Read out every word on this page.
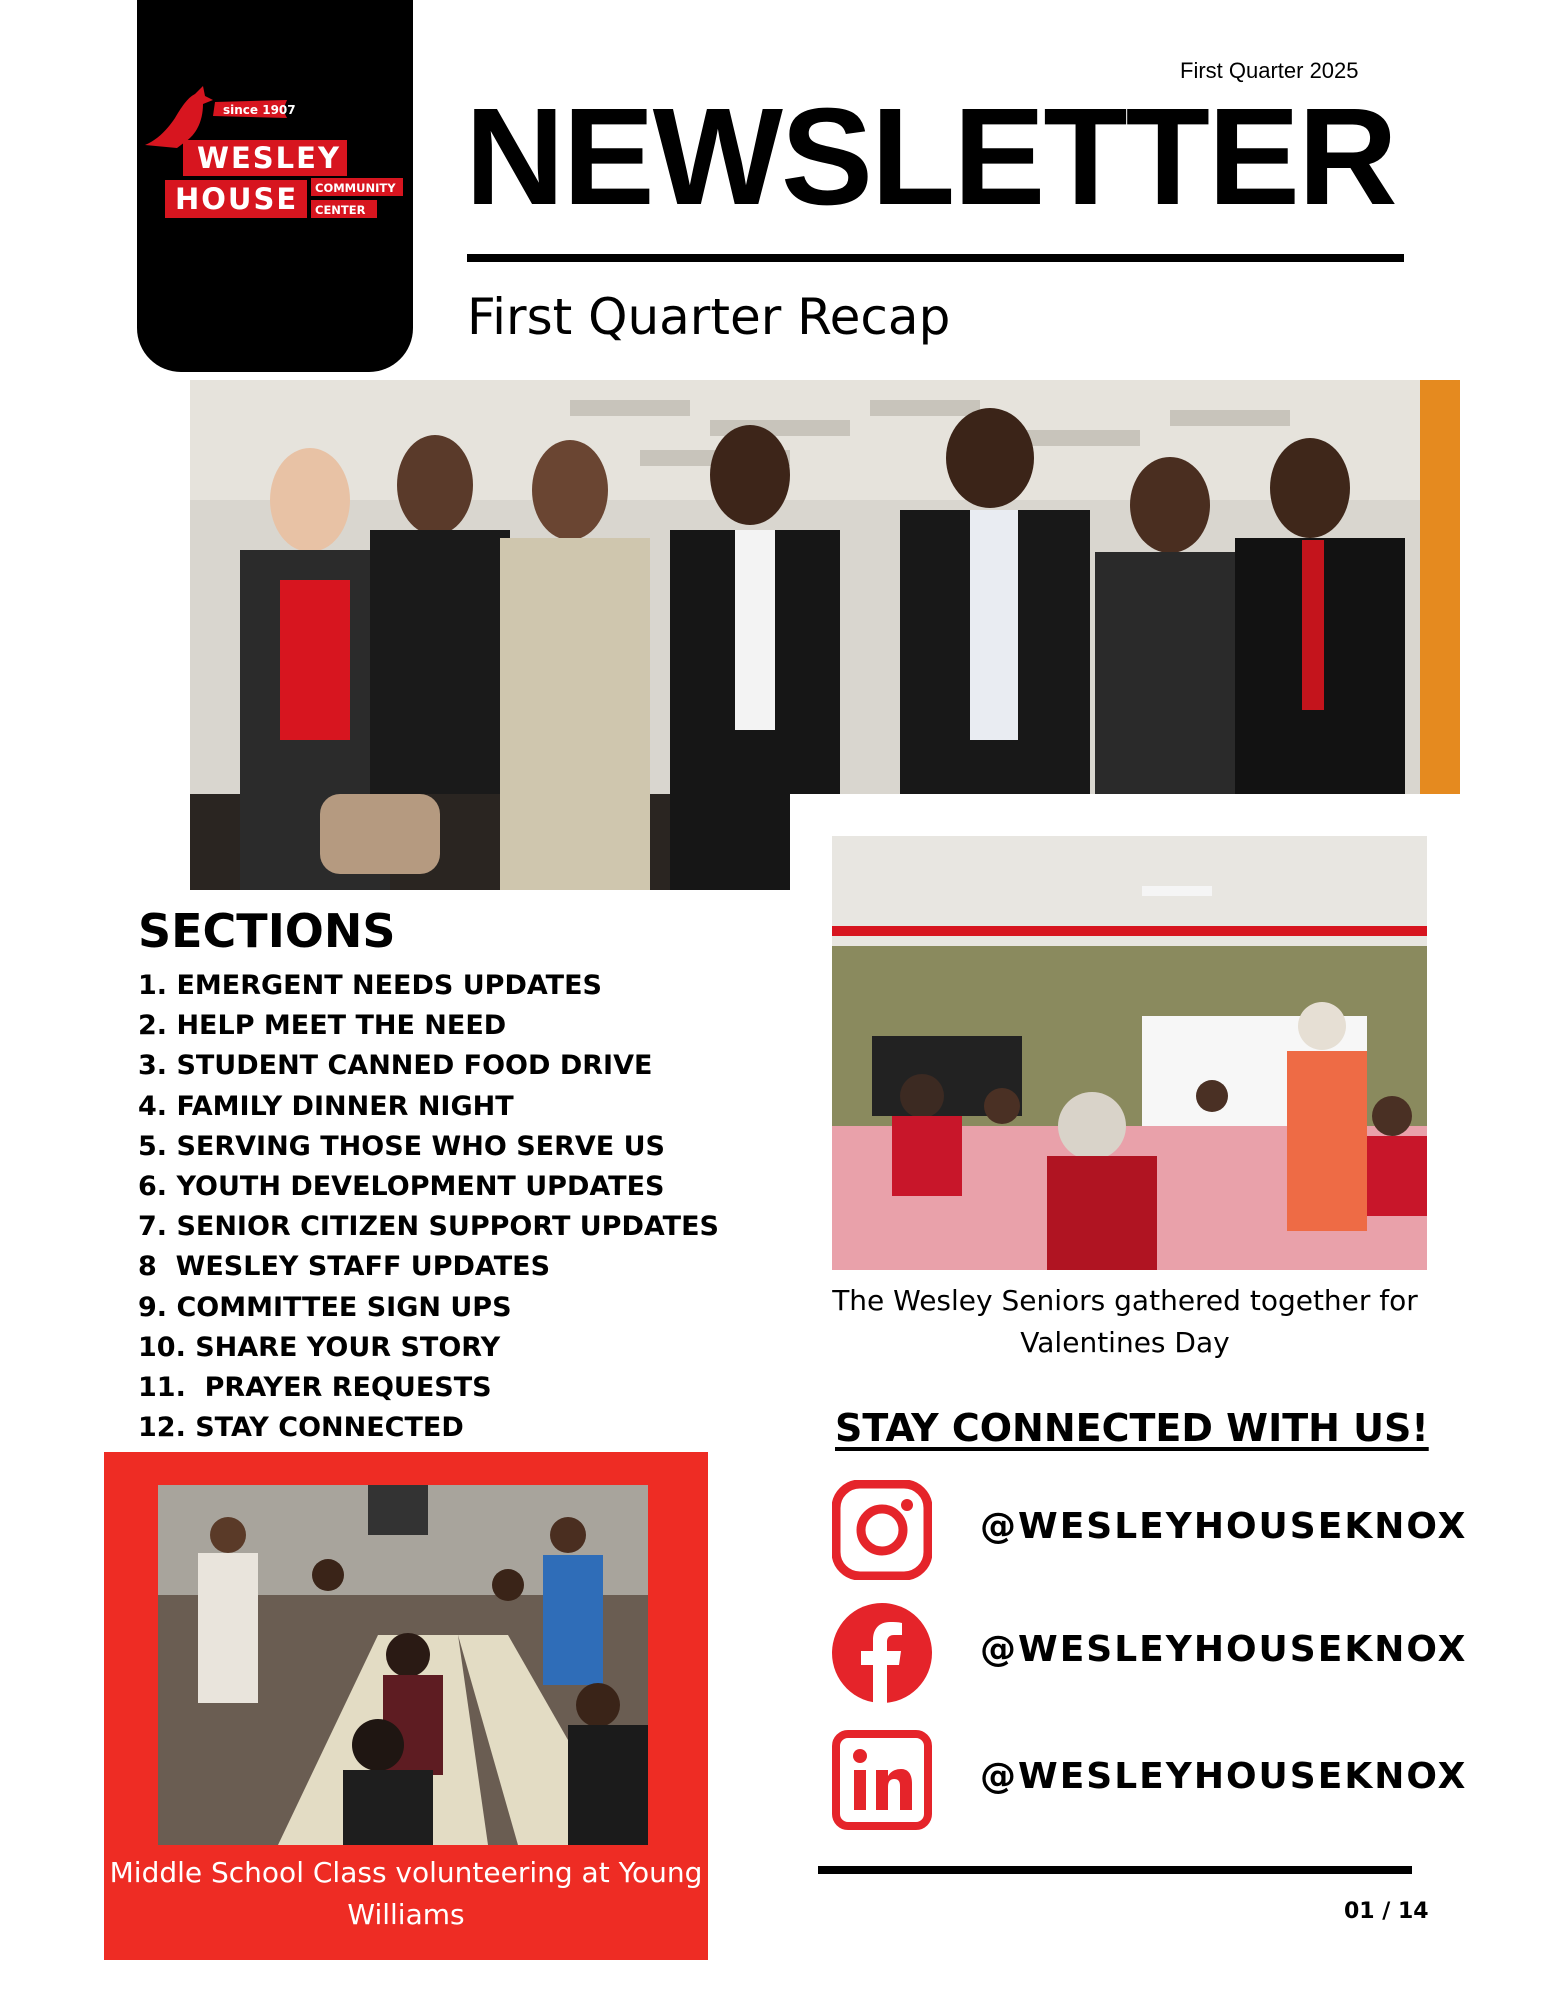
since 1907
WESLEY
HOUSE COMMUNITY
CENTER
First Quarter 2025
NEWSLETTER
First Quarter Recap
SECTIONS
1. EMERGENT NEEDS UPDATES
2. HELP MEET THE NEED
3. STUDENT CANNED FOOD DRIVE
4. FAMILY DINNER NIGHT
5. SERVING THOSE WHO SERVE US
6. YOUTH DEVELOPMENT UPDATES
7. SENIOR CITIZEN SUPPORT UPDATES
8  WESLEY STAFF UPDATES
9. COMMITTEE SIGN UPS
10. SHARE YOUR STORY
11.  PRAYER REQUESTS
12. STAY CONNECTED
The Wesley Seniors gathered together for Valentines Day
STAY CONNECTED WITH US!
@WESLEYHOUSEKNOX
@WESLEYHOUSEKNOX
@WESLEYHOUSEKNOX
01 / 14
Middle School Class volunteering at Young Williams
